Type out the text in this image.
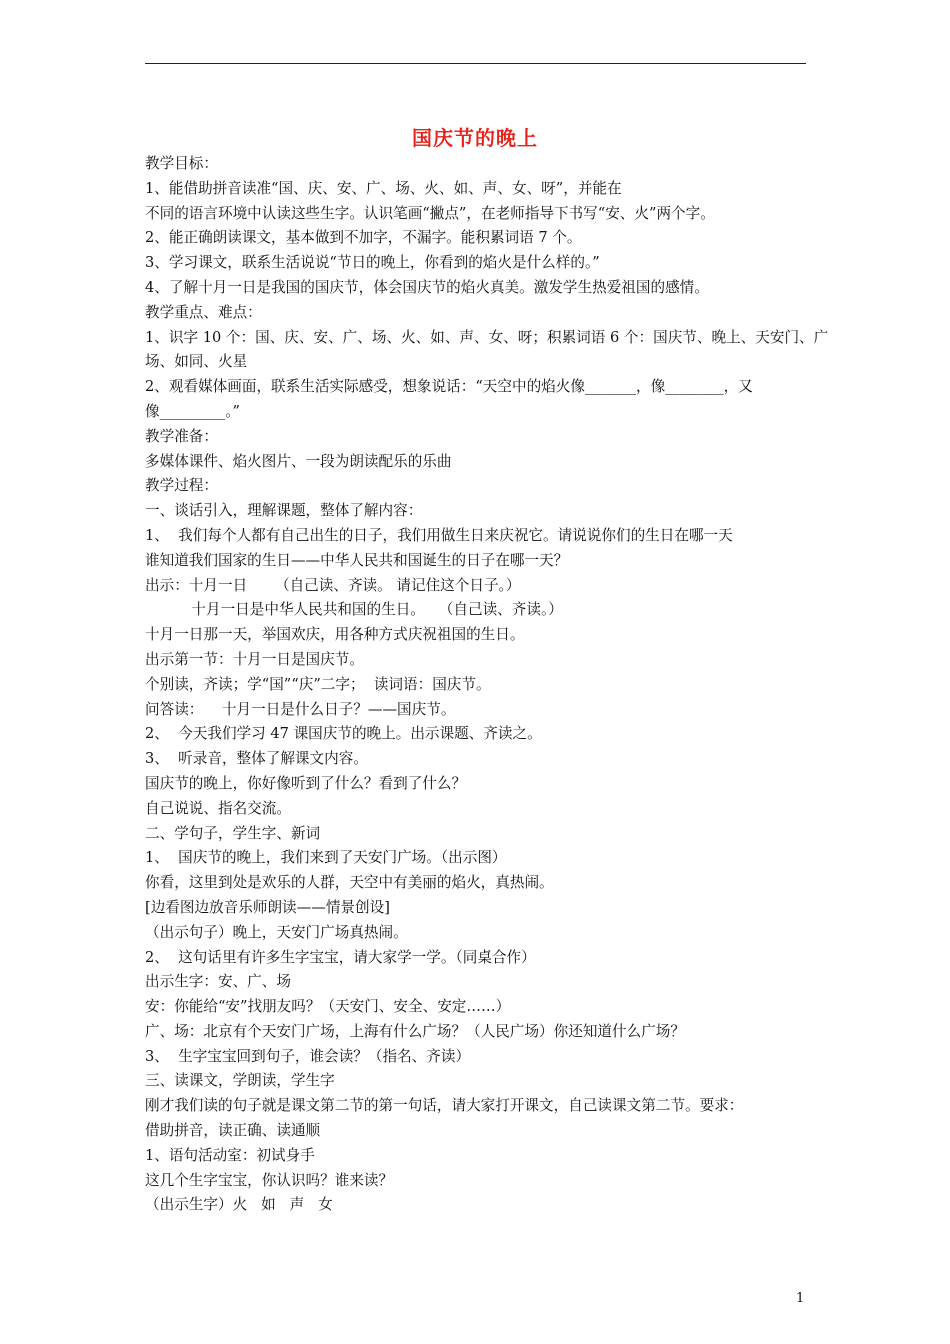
国庆节的晚上
教学目标：
1、能借助拼音读准“国、庆、安、广、场、火、如、声、女、呀”，并能在
不同的语言环境中认读这些生字。认识笔画“撇点”，在老师指导下书写“安、火”两个字。
2、能正确朗读课文，基本做到不加字，不漏字。能积累词语 7 个。
3、学习课文，联系生活说说“节日的晚上，你看到的焰火是什么样的。”
4、了解十月一日是我国的国庆节，体会国庆节的焰火真美。激发学生热爱祖国的感情。
教学重点、难点：
1、识字 10 个：国、庆、安、广、场、火、如、声、女、呀；积累词语 6 个：国庆节、晚上、天安门、广
场、如同、火星
2、观看媒体画面，联系生活实际感受，想象说话：“天空中的焰火像_______，像________，又
像_________。”
教学准备：
多媒体课件、焰火图片、一段为朗读配乐的乐曲
教学过程：
一、谈话引入，理解课题，整体了解内容：
1、  我们每个人都有自己出生的日子，我们用做生日来庆祝它。请说说你们的生日在哪一天
谁知道我们国家的生日——中华人民共和国诞生的日子在哪一天？
出示：十月一日      （自己读、齐读。 请记住这个日子。）
十月一日是中华人民共和国的生日。   （自己读、齐读。）
十月一日那一天，举国欢庆，用各种方式庆祝祖国的生日。
出示第一节：十月一日是国庆节。
个别读，齐读；学“国”“庆”二字；  读词语：国庆节。
问答读：    十月一日是什么日子？——国庆节。
2、  今天我们学习 47 课国庆节的晚上。出示课题、齐读之。
3、  听录音，整体了解课文内容。
国庆节的晚上，你好像听到了什么？看到了什么？
自己说说、指名交流。
二、学句子，学生字、新词
1、  国庆节的晚上，我们来到了天安门广场。（出示图）
你看，这里到处是欢乐的人群，天空中有美丽的焰火，真热闹。
[边看图边放音乐师朗读——情景创设]
（出示句子）晚上，天安门广场真热闹。
2、  这句话里有许多生字宝宝，请大家学一学。（同桌合作）
出示生字：安、广、场
安：你能给“安”找朋友吗？（天安门、安全、安定……）
广、场：北京有个天安门广场，上海有什么广场？（人民广场）你还知道什么广场？
3、  生字宝宝回到句子，谁会读？（指名、齐读）
三、读课文，学朗读，学生字
刚才我们读的句子就是课文第二节的第一句话，请大家打开课文，自己读课文第二节。要求：
借助拼音，读正确、读通顺
1、语句活动室：初试身手
这几个生字宝宝，你认识吗？谁来读？
（出示生字）火   如   声   女
1
